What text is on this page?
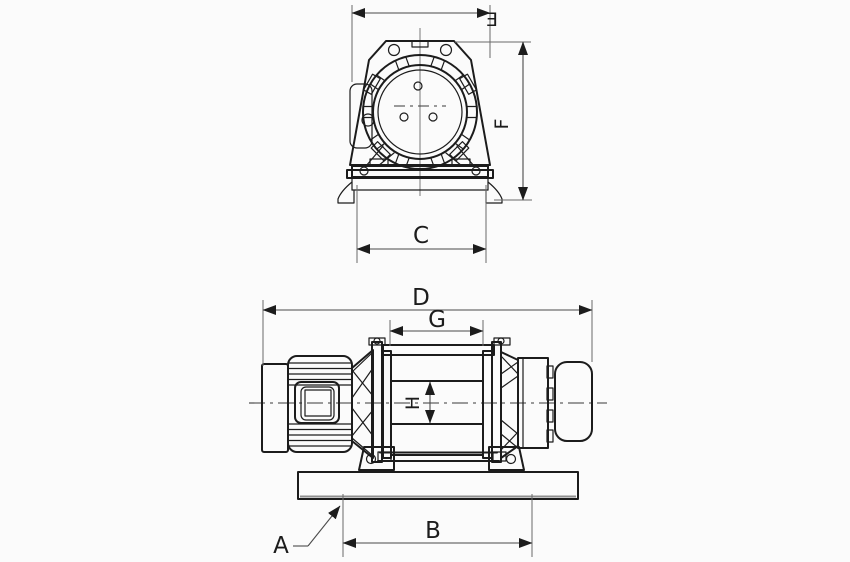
E
F
C
D
G
H
B
A
